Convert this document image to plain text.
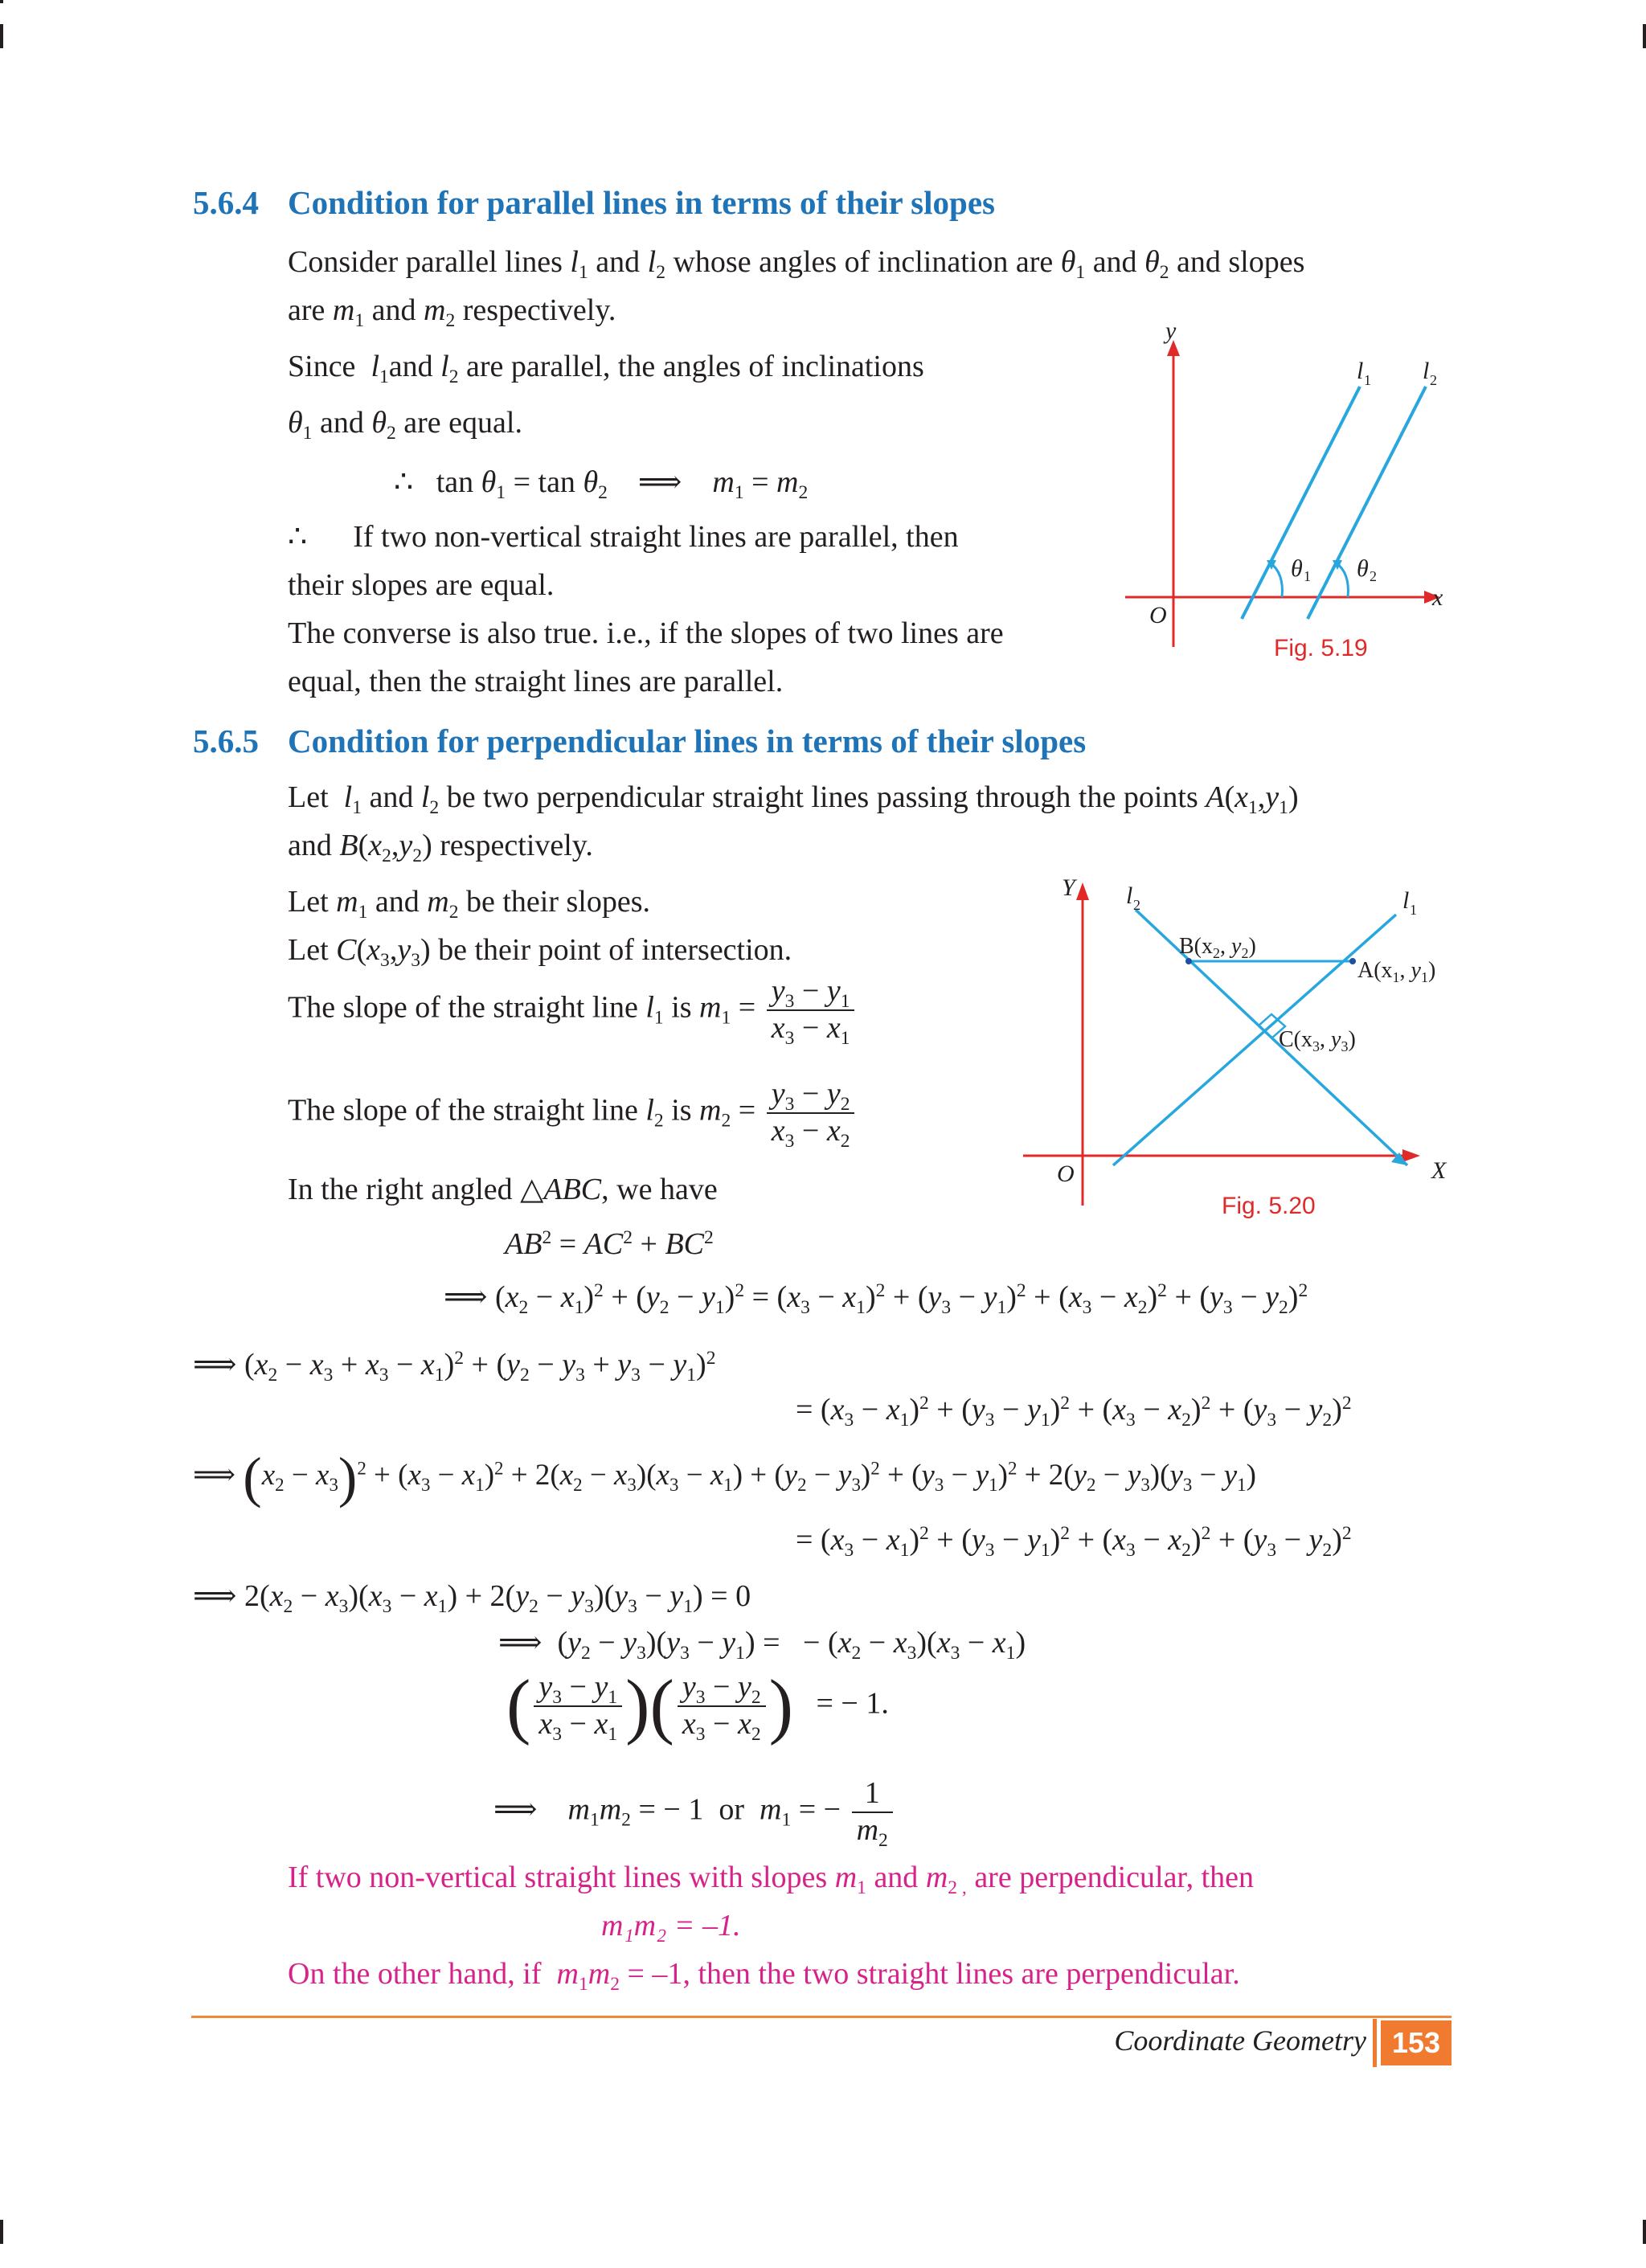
5.6.4 Condition for parallel lines in terms of their slopes
Consider parallel lines $l_1$ and $l_2$ whose angles of inclination are $\theta_1$ and $\theta_2$ and slopes
are $m_1$ and $m_2$ respectively.
Since $l_1and$ $l_2$ are parallel, the angles of inclinations
$\theta_1$ and $\theta_2$ are equal.
∴   $\tan \theta_1 = \tan \theta_2$    ⟹    $m_1 = m_2$
∴ If two non-vertical straight lines are parallel, then
their slopes are equal.
The converse is also true. i.e., if the slopes of two lines are
equal, then the straight lines are parallel.
y
x
O
l 1 l 2
θ 1 θ 2
Fig. 5.19
5.6.5 Condition for perpendicular lines in terms of their slopes
Let $l_1$ and $l_2$ be two perpendicular straight lines passing through the points $A(x_1,y_1)$
and $B(x_2,y_2)$ respectively.
Let $m_1$ and $m_2$ be their slopes.
Let $C(x_3,y_3)$ be their point of intersection.
The slope of the straight line $l_1$ is $m_1 = \frac{y_3 - y_1}{x_3 - x_1}$
The slope of the straight line $l_2$ is $m_2 = \frac{y_3 - y_2}{x_3 - x_2}$
In the right angled △ABC, we have
Y
X
O
l 2	l 1
$B(x_2$, $y_2$)
$A(x_1$, $y_1$)
$C(x_3$, $y_3$)
Fig. 5.20
$AB^2 = AC^2 + BC^2$
⟹ $(x_2 - x_1)^2 + (y_2 - y_1)^2 = (x_3 - x_1)^2 + (y_3 - y_1)^2 + (x_3 - x_2)^2 + (y_3 - y_2)^2$
⟹ $(x_2 - x_3 + x_3 - x_1)^2 + (y_2 - y_3 + y_3 - y_1)^2$
= $(x_3 - x_1)^2 + (y_3 - y_1)^2 + (x_3 - x_2)^2 + (y_3 - y_2)^2$
⟹ $(x_2 - x_3)^2 + (x_3 - x_1)^2 + 2(x_2 - x_3)(x_3 - x_1) + (y_2 - y_3)^2 + (y_3 - y_1)^2 + 2(y_2 - y_3)(y_3 - y_1)$
= $(x_3 - x_1)^2 + (y_3 - y_1)^2 + (x_3 - x_2)^2 + (y_3 - y_2)^2$
⟹ $2(x_2 - x_3)(x_3 - x_1) + 2(y_2 - y_3)(y_3 - y_1) = 0$
⟹  $(y_2 - y_3)(y_3 - y_1)$ =   − $(x_2 - x_3)(x_3 - x_1)$
( $\frac{y_3 - y_1}{x_3 - x_1}$ )( $\frac{y_3 - y_2}{x_3 - x_2}$ ) = − 1.
⟹    $m_1m_2$ = − 1  or $m_1$ = − $\frac{1}{m_2}$
If two non-vertical straight lines with slopes $m_1$ and $m_{2 ,}$ are perpendicular, then
m₁m₂ = –1.
On the other hand, if $m_1m_2 = -1$, then the two straight lines are perpendicular.
Coordinate Geometry 153
